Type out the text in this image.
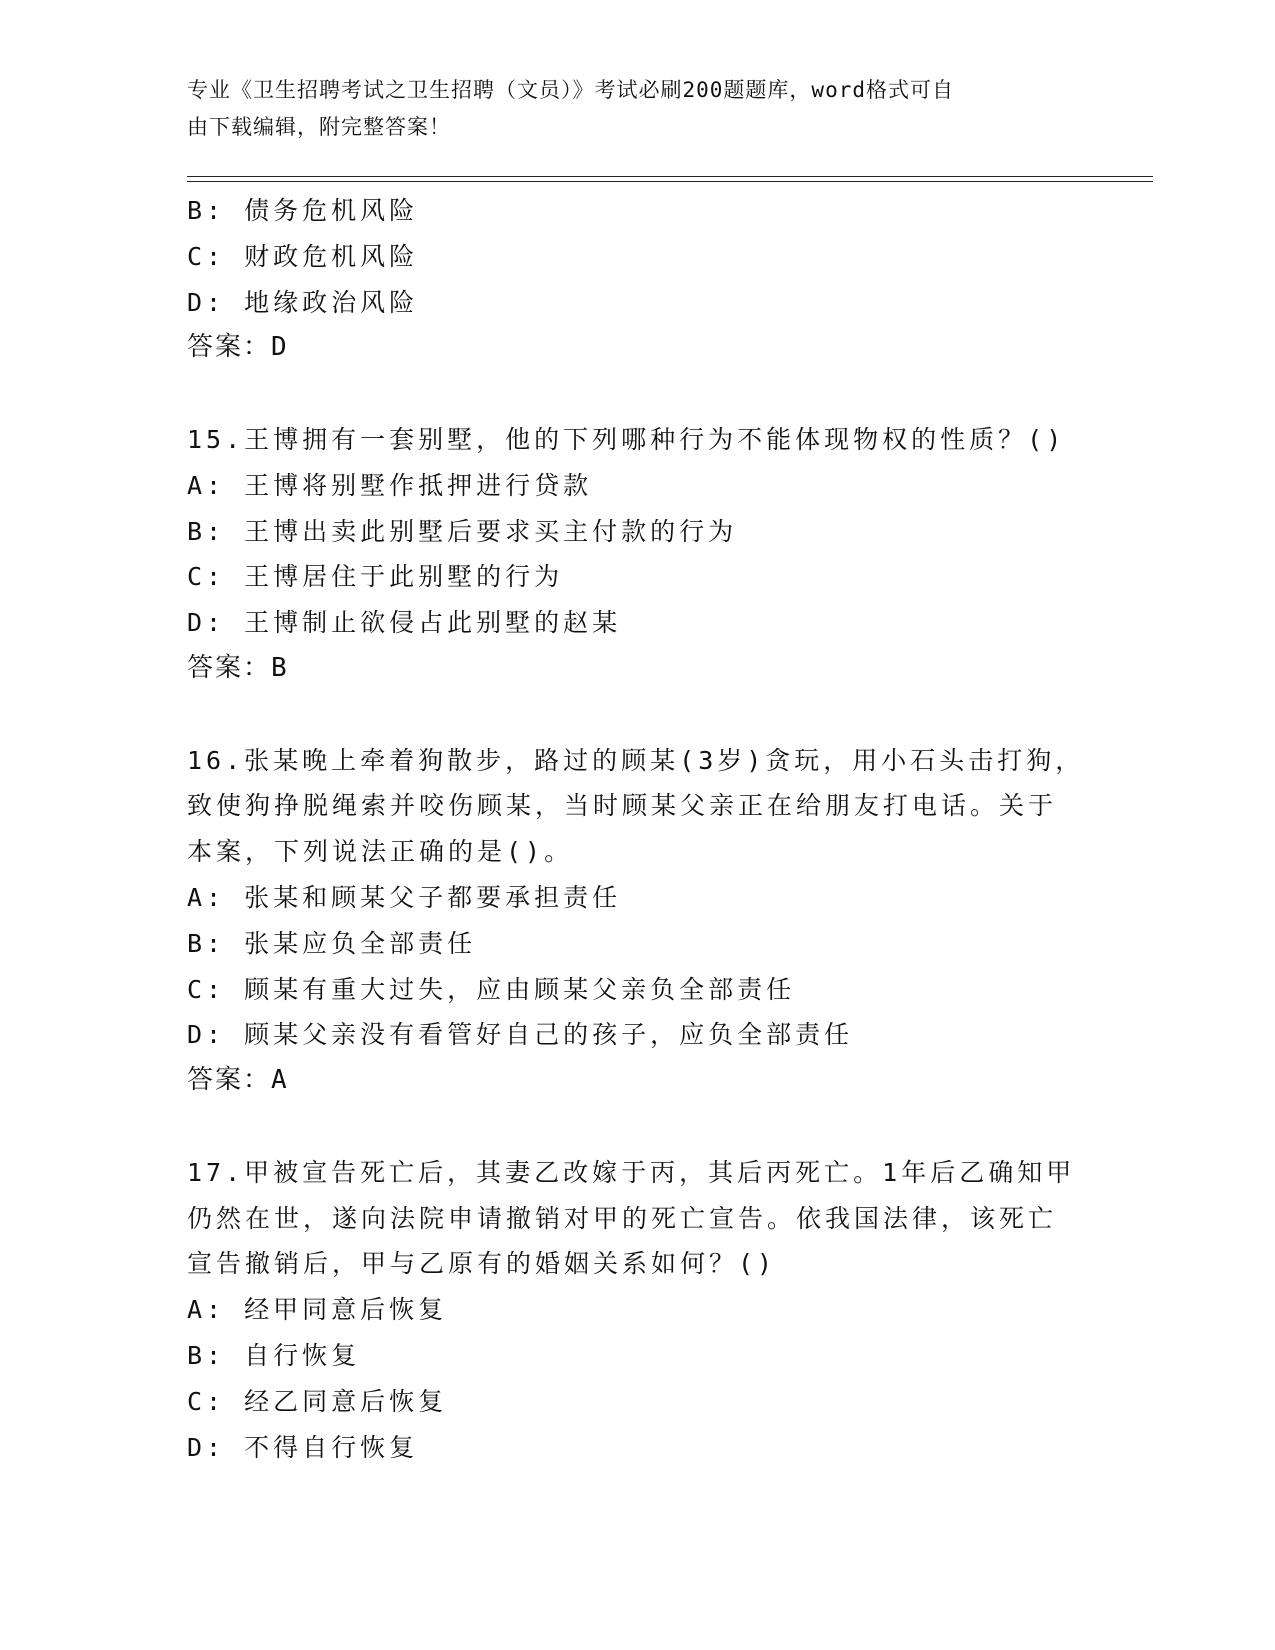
专业《卫生招聘考试之卫生招聘（文员）》考试必刷200题题库，word格式可自
由下载编辑，附完整答案！
B: 债务危机风险
C: 财政危机风险
D: 地缘政治风险
答案：D
15.王博拥有一套别墅，他的下列哪种行为不能体现物权的性质？()
A: 王博将别墅作抵押进行贷款
B: 王博出卖此别墅后要求买主付款的行为
C: 王博居住于此别墅的行为
D: 王博制止欲侵占此别墅的赵某
答案：B
16.张某晚上牵着狗散步，路过的顾某(3岁)贪玩，用小石头击打狗，
致使狗挣脱绳索并咬伤顾某，当时顾某父亲正在给朋友打电话。关于
本案，下列说法正确的是()。
A: 张某和顾某父子都要承担责任
B: 张某应负全部责任
C: 顾某有重大过失，应由顾某父亲负全部责任
D: 顾某父亲没有看管好自己的孩子，应负全部责任
答案：A
17.甲被宣告死亡后，其妻乙改嫁于丙，其后丙死亡。1年后乙确知甲
仍然在世，遂向法院申请撤销对甲的死亡宣告。依我国法律，该死亡
宣告撤销后，甲与乙原有的婚姻关系如何？()
A: 经甲同意后恢复
B: 自行恢复
C: 经乙同意后恢复
D: 不得自行恢复
